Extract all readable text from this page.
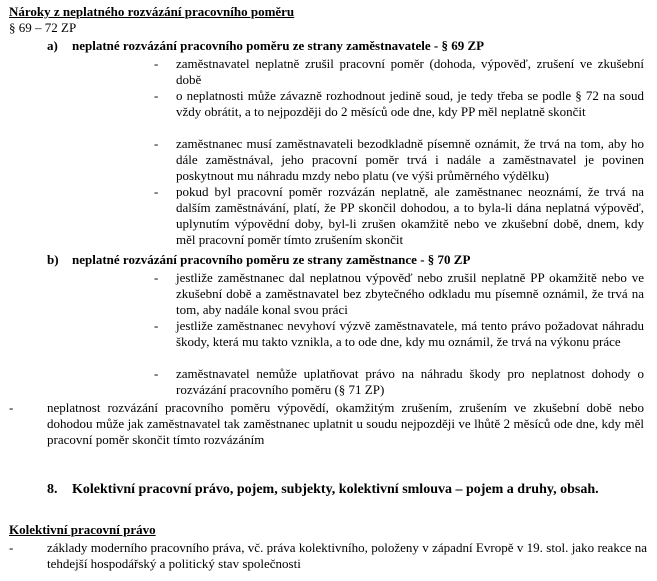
Nároky z neplatného rozvázání pracovního poměru
§ 69 – 72 ZP
a) neplatné rozvázání pracovního poměru ze strany zaměstnavatele - § 69 ZP
- zaměstnavatel neplatně zrušil pracovní poměr (dohoda, výpověď, zrušení ve zkušební době
- o neplatnosti může závazně rozhodnout jedině soud, je tedy třeba se podle § 72 na soud vždy obrátit, a to nejpozději do 2 měsíců ode dne, kdy PP měl neplatně skončit
- zaměstnanec musí zaměstnavateli bezodkladně písemně oznámit, že trvá na tom, aby ho dále zaměstnával, jeho pracovní poměr trvá i nadále a zaměstnavatel je povinen poskytnout mu náhradu mzdy nebo platu (ve výši průměrného výdělku)
- pokud byl pracovní poměr rozvázán neplatně, ale zaměstnanec neoznámí, že trvá na dalším zaměstnávání, platí, že PP skončil dohodou, a to byla-li dána neplatná výpověď, uplynutím výpovědní doby, byl-li zrušen okamžitě nebo ve zkušební době, dnem, kdy měl pracovní poměr tímto zrušením skončit
b) neplatné rozvázání pracovního poměru ze strany zaměstnance - § 70 ZP
- jestliže zaměstnanec dal neplatnou výpověď nebo zrušil neplatně PP okamžitě nebo ve zkušební době a zaměstnavatel bez zbytečného odkladu mu písemně oznámil, že trvá na tom, aby nadále konal svou práci
- jestliže zaměstnanec nevyhoví výzvě zaměstnavatele, má tento právo požadovat náhradu škody, která mu takto vznikla, a to ode dne, kdy mu oznámil, že trvá na výkonu práce
- zaměstnavatel nemůže uplatňovat právo na náhradu škody pro neplatnost dohody o rozvázání pracovního poměru (§ 71 ZP)
-	neplatnost rozvázání pracovního poměru výpovědí, okamžitým zrušením, zrušením ve zkušební době nebo dohodou může jak zaměstnavatel tak zaměstnanec uplatnit u soudu nejpozději ve lhůtě 2 měsíců ode dne, kdy měl pracovní poměr skončit tímto rozvázáním
8. Kolektivní pracovní právo, pojem, subjekty, kolektivní smlouva – pojem a druhy, obsah.
Kolektivní pracovní právo
-	základy moderního pracovního práva, vč. práva kolektivního, položeny v západní Evropě v 19. stol. jako reakce na tehdejší hospodářský a politický stav společnosti
